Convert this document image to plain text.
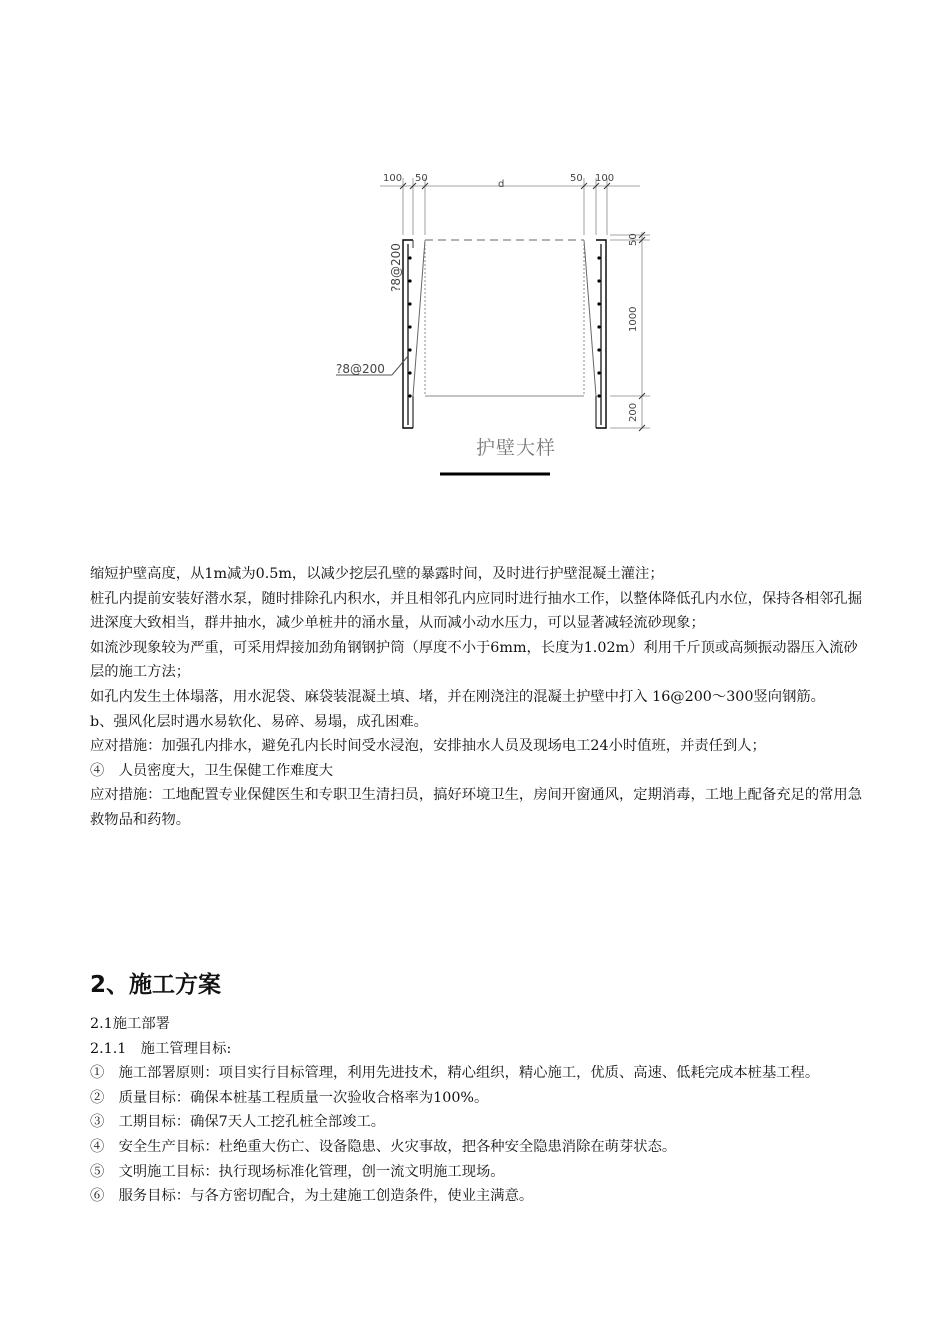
100 50
d
50 100
50
1000
200
?8@200
?8@200
护壁大样

缩短护壁高度，从1m减为0.5m，以减少挖层孔壁的暴露时间，及时进行护壁混凝土灌注；

桩孔内提前安装好潜水泵，随时排除孔内积水，并且相邻孔内应同时进行抽水工作，以整体降低孔内水位，保持各相邻孔掘进深度大致相当，群井抽水，减少单桩井的涌水量，从而减小动水压力，可以显著减轻流砂现象；

如流沙现象较为严重，可采用焊接加劲角钢钢护筒（厚度不小于6mm，长度为1.02m）利用千斤顶或高频振动器压入流砂层的施工方法；

如孔内发生土体塌落，用水泥袋、麻袋装混凝土填、堵，并在刚浇注的混凝土护壁中打入 16@200～300竖向钢筋。

b、强风化层时遇水易软化、易碎、易塌，成孔困难。

应对措施：加强孔内排水，避免孔内长时间受水浸泡，安排抽水人员及现场电工24小时值班，并责任到人；

④　人员密度大，卫生保健工作难度大

应对措施：工地配置专业保健医生和专职卫生清扫员，搞好环境卫生，房间开窗通风，定期消毒，工地上配备充足的常用急救物品和药物。

2、施工方案

2.1施工部署

2.1.1　施工管理目标:

①　施工部署原则：项目实行目标管理，利用先进技术，精心组织，精心施工，优质、高速、低耗完成本桩基工程。

②　质量目标：确保本桩基工程质量一次验收合格率为100%。

③　工期目标：确保7天人工挖孔桩全部竣工。

④　安全生产目标：杜绝重大伤亡、设备隐患、火灾事故，把各种安全隐患消除在萌芽状态。

⑤　文明施工目标：执行现场标准化管理，创一流文明施工现场。

⑥　服务目标：与各方密切配合，为土建施工创造条件，使业主满意。
